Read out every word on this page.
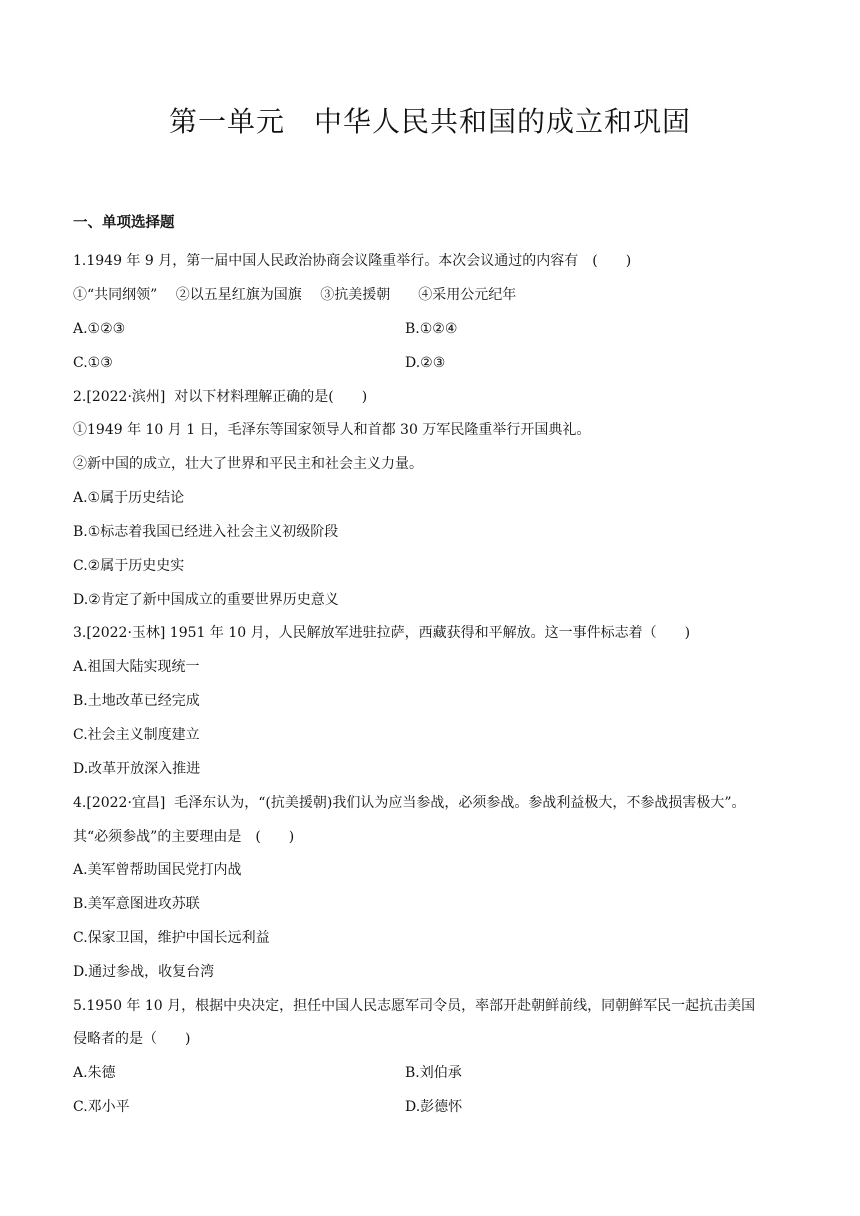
第一单元　中华人民共和国的成立和巩固
一、单项选择题
1.1949 年 9 月，第一届中国人民政治协商会议隆重举行。本次会议通过的内容有　(　　)
①“共同纲领”　 ②以五星红旗为国旗　 ③抗美援朝　　④采用公元纪年
A.①②③	B.①②④
C.①③	D.②③
2.[2022·滨州]  对以下材料理解正确的是(　　)
①1949 年 10 月 1 日，毛泽东等国家领导人和首都 30 万军民隆重举行开国典礼。
②新中国的成立，壮大了世界和平民主和社会主义力量。
A.①属于历史结论
B.①标志着我国已经进入社会主义初级阶段
C.②属于历史史实
D.②肯定了新中国成立的重要世界历史意义
3.[2022·玉林] 1951 年 10 月，人民解放军进驻拉萨，西藏获得和平解放。这一事件标志着（　　)
A.祖国大陆实现统一
B.土地改革已经完成
C.社会主义制度建立
D.改革开放深入推进
4.[2022·宜昌]  毛泽东认为，“(抗美援朝)我们认为应当参战，必须参战。参战利益极大，不参战损害极大”。
其“必须参战”的主要理由是　(　　)
A.美军曾帮助国民党打内战
B.美军意图进攻苏联
C.保家卫国，维护中国长远利益
D.通过参战，收复台湾
5.1950 年 10 月，根据中央决定，担任中国人民志愿军司令员，率部开赴朝鲜前线，同朝鲜军民一起抗击美国
侵略者的是（　　)
A.朱德	B.刘伯承
C.邓小平	D.彭德怀
